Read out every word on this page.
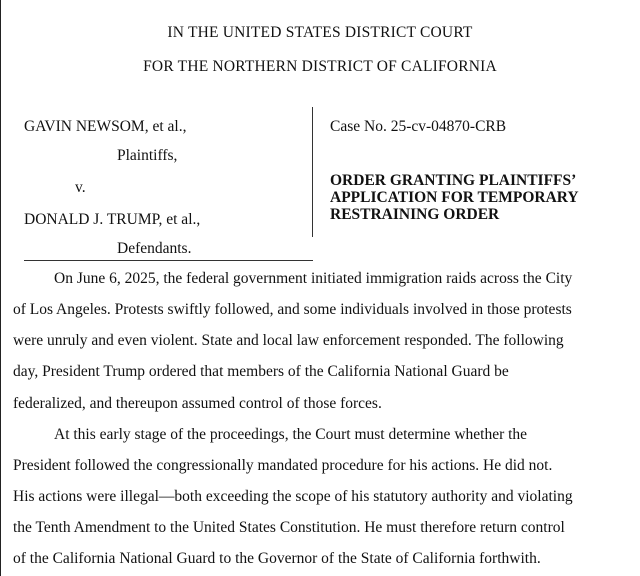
IN THE UNITED STATES DISTRICT COURT
FOR THE NORTHERN DISTRICT OF CALIFORNIA
GAVIN NEWSOM, et al.,
Plaintiffs,
v.
DONALD J. TRUMP, et al.,
Defendants.
Case No. 25-cv-04870-CRB
ORDER GRANTING PLAINTIFFS’
APPLICATION FOR TEMPORARY
RESTRAINING ORDER
On June 6, 2025, the federal government initiated immigration raids across the City
of Los Angeles. Protests swiftly followed, and some individuals involved in those protests
were unruly and even violent. State and local law enforcement responded. The following
day, President Trump ordered that members of the California National Guard be
federalized, and thereupon assumed control of those forces.
At this early stage of the proceedings, the Court must determine whether the
President followed the congressionally mandated procedure for his actions. He did not.
His actions were illegal—both exceeding the scope of his statutory authority and violating
the Tenth Amendment to the United States Constitution. He must therefore return control
of the California National Guard to the Governor of the State of California forthwith.
